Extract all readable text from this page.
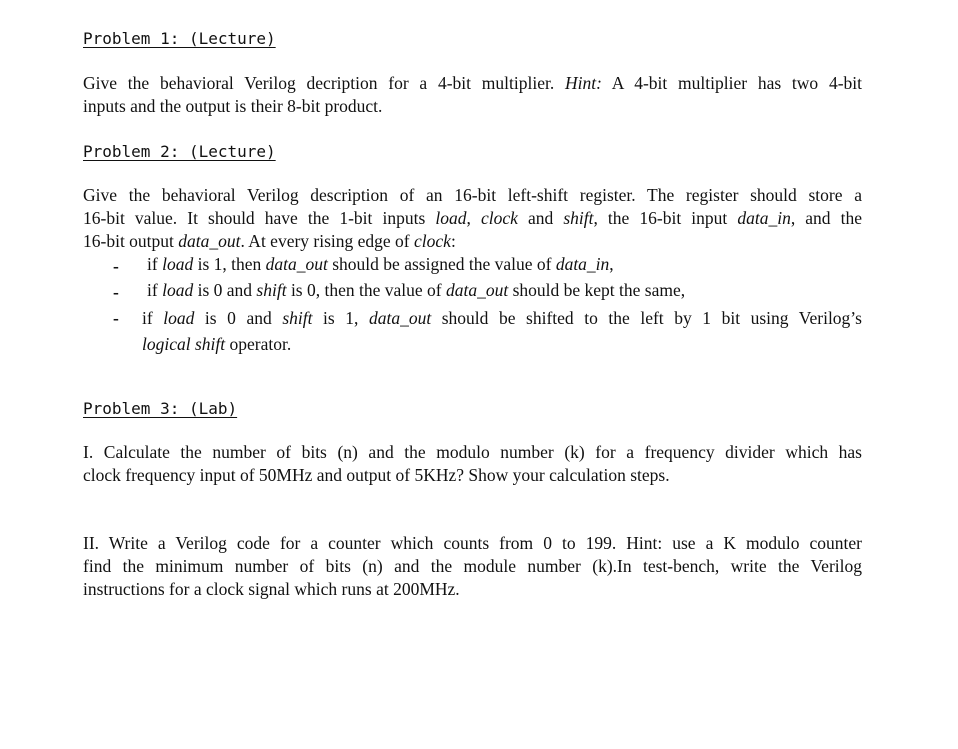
Problem 1: (Lecture)
Give the behavioral Verilog decription for a 4-bit multiplier. Hint: A 4-bit multiplier has two 4-bit
inputs and the output is their 8-bit product.
Problem 2: (Lecture)
Give the behavioral Verilog description of an 16-bit left-shift register. The register should store a
16-bit value. It should have the 1-bit inputs load, clock and shift, the 16-bit input data_in, and the
16-bit output data_out. At every rising edge of clock:
- if load is 1, then data_out should be assigned the value of data_in,
- if load is 0 and shift is 0, then the value of data_out should be kept the same,
- if load is 0 and shift is 1, data_out should be shifted to the left by 1 bit using Verilog’s
logical shift operator.
Problem 3: (Lab)
I. Calculate the number of bits (n) and the modulo number (k) for a frequency divider which has
clock frequency input of 50MHz and output of 5KHz? Show your calculation steps.
II. Write a Verilog code for a counter which counts from 0 to 199. Hint: use a K modulo counter
find the minimum number of bits (n) and the module number (k).In test-bench, write the Verilog
instructions for a clock signal which runs at 200MHz.
